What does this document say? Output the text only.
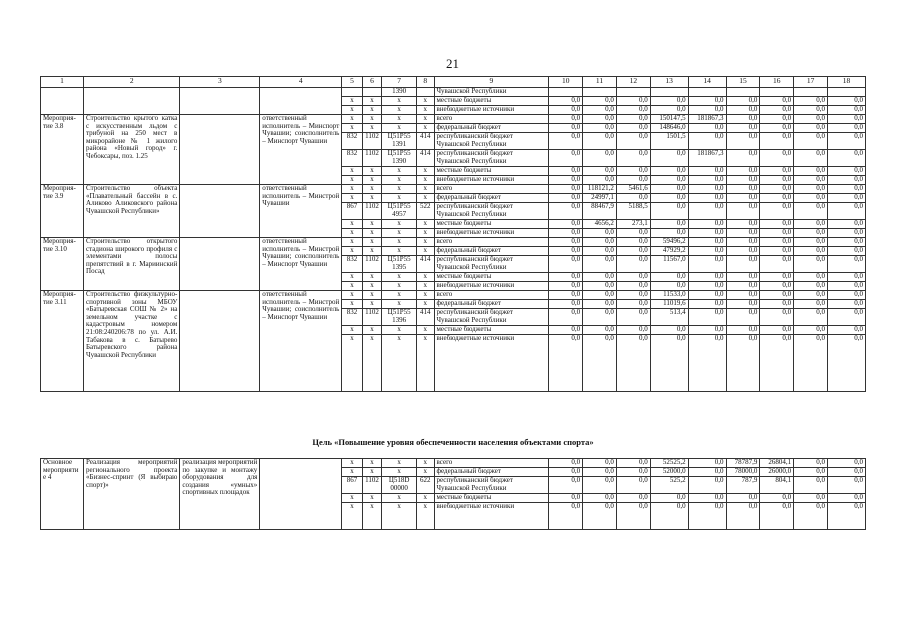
21
1	2	3	4	5	6	7	8	9	10	11	12	13	14	15	16	17	18
						1390		Чувашской Республики									
				x	x	x	x	местные бюджеты	0,0	0,0	0,0	0,0	0,0	0,0	0,0	0,0	0,0
				x	x	x	x	внебюджетные источники	0,0	0,0	0,0	0,0	0,0	0,0	0,0	0,0	0,0
Мероприя-тие 3.8	Строительство крытого катка с искусственным льдом с трибуной на 250 мест в микрорайоне № 1 жилого района «Новый город» г. Чебоксары, поз. 1.25		ответственный исполнитель – Минспорт Чувашии; соисполнитель – Минспорт Чувашии	x	x	x	x	всего	0,0	0,0	0,0	150147,5	181867,3	0,0	0,0	0,0	0,0
				x	x	x	x	федеральный бюджет	0,0	0,0	0,0	148646,0	0,0	0,0	0,0	0,0	0,0
				832	1102	Ц51Р55 1391	414	республиканский бюджет Чувашской Республики	0,0	0,0	0,0	1501,5	0,0	0,0	0,0	0,0	0,0
				832	1102	Ц51Р55 1390	414	республиканский бюджет Чувашской Республики	0,0	0,0	0,0	0,0	181867,3	0,0	0,0	0,0	0,0
				x	x	x	x	местные бюджеты	0,0	0,0	0,0	0,0	0,0	0,0	0,0	0,0	0,0
				x	x	x	x	внебюджетные источники	0,0	0,0	0,0	0,0	0,0	0,0	0,0	0,0	0,0
Мероприя-тие 3.9	Строительство объекта «Плавательный бассейн в с. Аликово Аликовского района Чувашской Республики»		ответственный исполнитель – Минстрой Чувашии	x	x	x	x	всего	0,0	118121,2	5461,6	0,0	0,0	0,0	0,0	0,0	0,0
				x	x	x	x	федеральный бюджет	0,0	24997,1	0,0	0,0	0,0	0,0	0,0	0,0	0,0
				867	1102	Ц51Р55 4957	522	республиканский бюджет Чувашской Республики	0,0	88467,9	5188,5	0,0	0,0	0,0	0,0	0,0	0,0
				x	x	x	x	местные бюджеты	0,0	4656,2	273,1	0,0	0,0	0,0	0,0	0,0	0,0
				x	x	x	x	внебюджетные источники	0,0	0,0	0,0	0,0	0,0	0,0	0,0	0,0	0,0
Мероприя-тие 3.10	Строительство открытого стадиона широкого профиля с элементами полосы препятствий в г. Мариинский Посад		ответственный исполнитель – Минстрой Чувашии; соисполнитель – Минспорт Чувашии	x	x	x	x	всего	0,0	0,0	0,0	59496,2	0,0	0,0	0,0	0,0	0,0
				x	x	x	x	федеральный бюджет	0,0	0,0	0,0	47929,2	0,0	0,0	0,0	0,0	0,0
				832	1102	Ц51Р55 1395	414	республиканский бюджет Чувашской Республики	0,0	0,0	0,0	11567,0	0,0	0,0	0,0	0,0	0,0
				x	x	x	x	местные бюджеты	0,0	0,0	0,0	0,0	0,0	0,0	0,0	0,0	0,0
				x	x	x	x	внебюджетные источники	0,0	0,0	0,0	0,0	0,0	0,0	0,0	0,0	0,0
Мероприя-тие 3.11	Строительство физкультурно-спортивной зоны МБОУ «Батыревская СОШ № 2» на земельном участке с кадастровым номером 21:08:240206:78 по ул. А.И. Табакова в с. Батырево Батыревского района Чувашской Республики		ответственный исполнитель – Минстрой Чувашии; соисполнитель – Минспорт Чувашии	x	x	x	x	всего	0,0	0,0	0,0	11533,0	0,0	0,0	0,0	0,0	0,0
				x	x	x	x	федеральный бюджет	0,0	0,0	0,0	11019,6	0,0	0,0	0,0	0,0	0,0
				832	1102	Ц51Р55 1396	414	республиканский бюджет Чувашской Республики	0,0	0,0	0,0	513,4	0,0	0,0	0,0	0,0	0,0
				x	x	x	x	местные бюджеты	0,0	0,0	0,0	0,0	0,0	0,0	0,0	0,0	0,0
				x	x	x	x	внебюджетные источники	0,0	0,0	0,0	0,0	0,0	0,0	0,0	0,0	0,0
Цель «Повышение уровня обеспеченности населения объектами спорта»
Основное мероприятие 4	Реализация мероприятий регионального проекта «Бизнес-спринт (Я выбираю спорт)»	реализация мероприятий по закупке и монтажу оборудования для создания «умных» спортивных площадок		x	x	x	x	всего	0,0	0,0	0,0	52525,2	0,0	78787,9	26804,1	0,0	0,0
				x	x	x	x	федеральный бюджет	0,0	0,0	0,0	52000,0	0,0	78000,0	26000,0	0,0	0,0
				867	1102	Ц518D 00000	622	республиканский бюджет Чувашской Республики	0,0	0,0	0,0	525,2	0,0	787,9	804,1	0,0	0,0
				x	x	x	x	местные бюджеты	0,0	0,0	0,0	0,0	0,0	0,0	0,0	0,0	0,0
				x	x	x	x	внебюджетные источники	0,0	0,0	0,0	0,0	0,0	0,0	0,0	0,0	0,0
